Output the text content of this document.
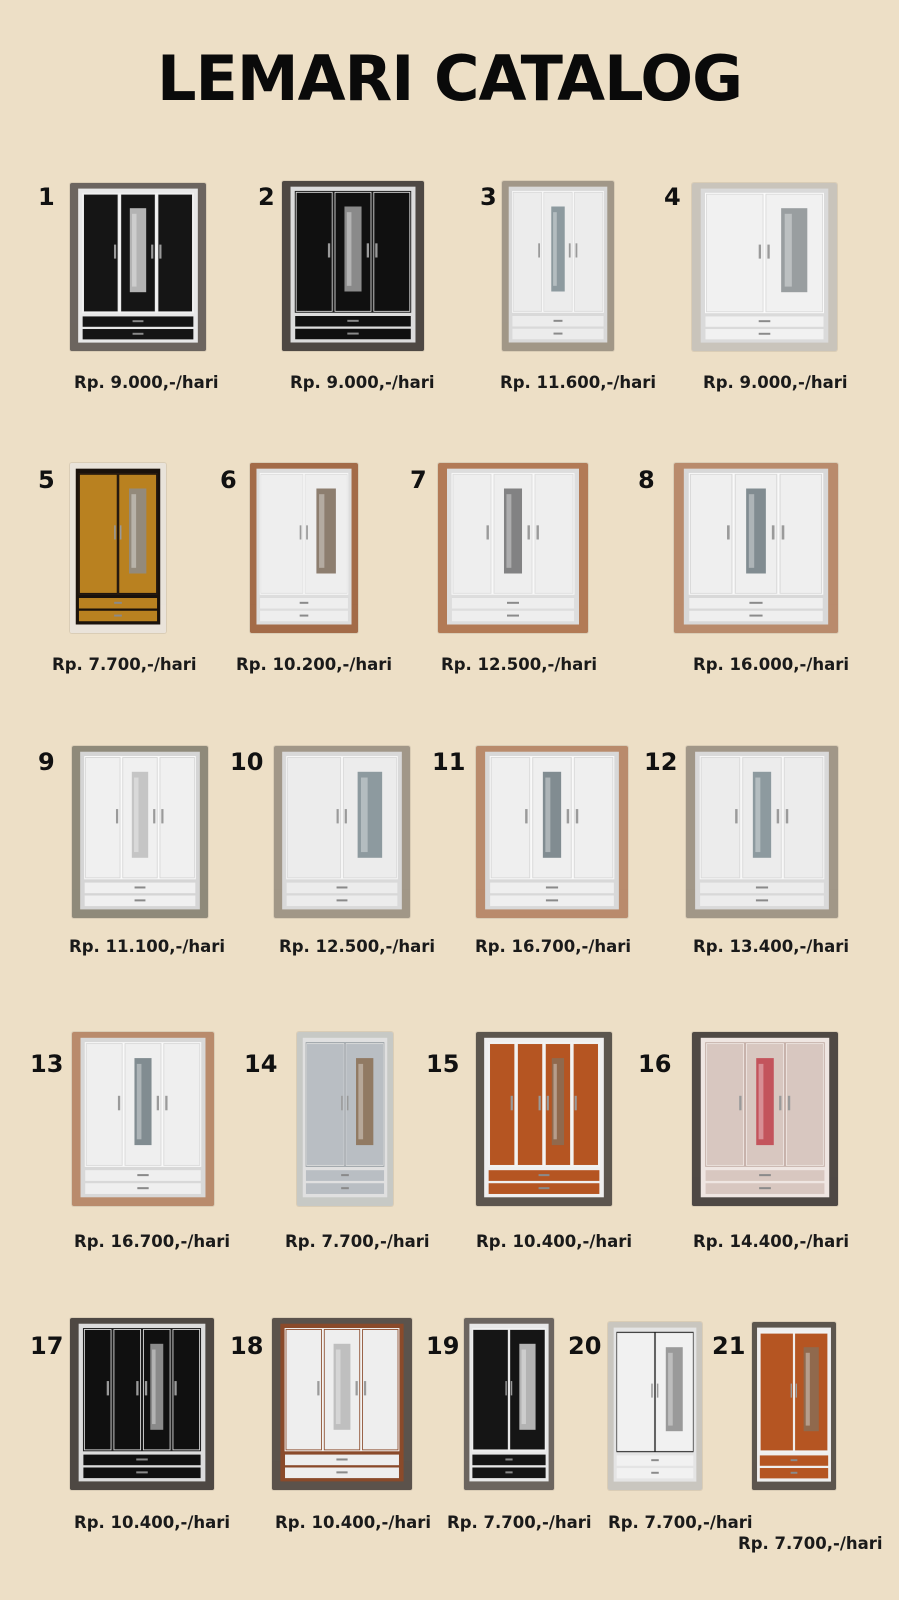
LEMARI CATALOG
1
Rp. 9.000,-/hari
2
Rp. 9.000,-/hari
3
Rp. 11.600,-/hari
4
Rp. 9.000,-/hari
5
Rp. 7.700,-/hari
6
Rp. 10.200,-/hari
7
Rp. 12.500,-/hari
8
Rp. 16.000,-/hari
9
Rp. 11.100,-/hari
10
Rp. 12.500,-/hari
11
Rp. 16.700,-/hari
12
Rp. 13.400,-/hari
13
Rp. 16.700,-/hari
14
Rp. 7.700,-/hari
15
Rp. 10.400,-/hari
16
Rp. 14.400,-/hari
17
Rp. 10.400,-/hari
18
Rp. 10.400,-/hari
19
Rp. 7.700,-/hari
20
Rp. 7.700,-/hari
21
Rp. 7.700,-/hari
